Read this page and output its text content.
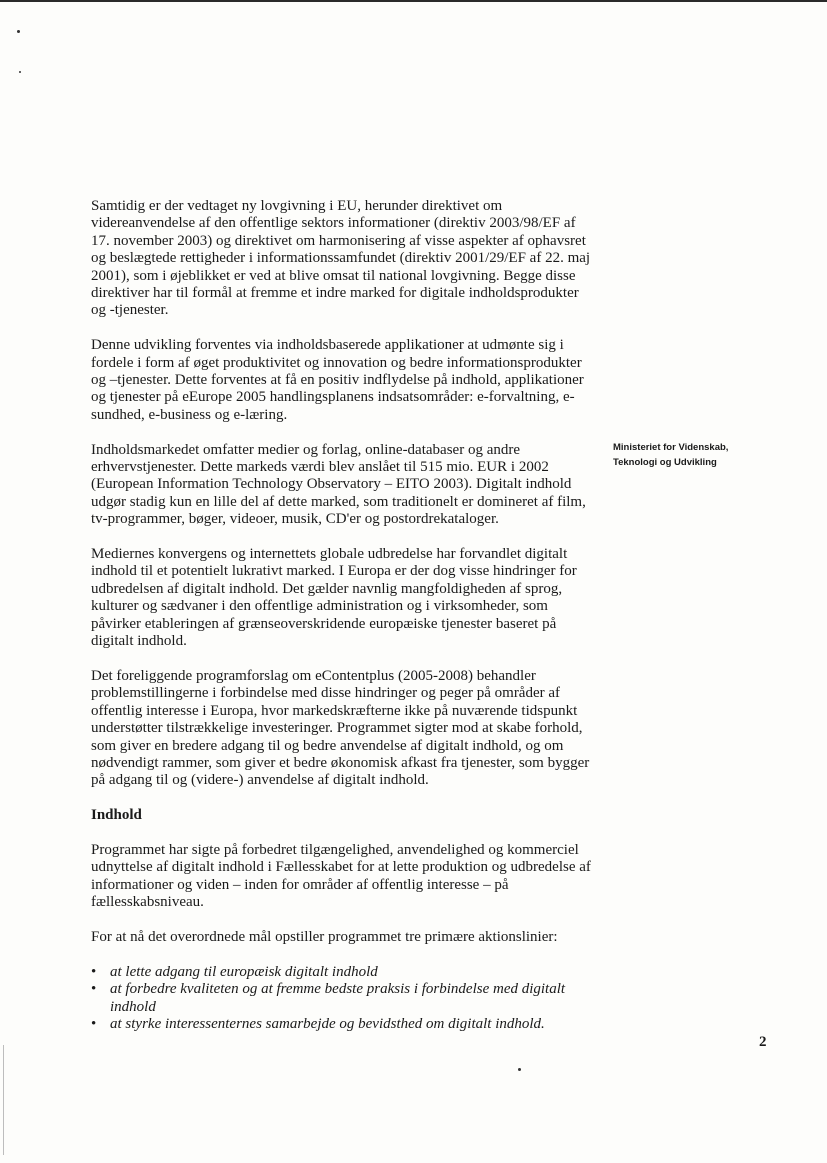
Samtidig er der vedtaget ny lovgivning i EU, herunder direktivet om videreanvendelse af den offentlige sektors informationer (direktiv 2003/98/EF af 17. november 2003) og direktivet om harmonisering af visse aspekter af ophavsret og beslægtede rettigheder i informationssamfundet (direktiv 2001/29/EF af 22. maj 2001), som i øjeblikket er ved at blive omsat til national lovgivning. Begge disse direktiver har til formål at fremme et indre marked for digitale indholdsprodukter og -tjenester.

Denne udvikling forventes via indholdsbaserede applikationer at udmønte sig i fordele i form af øget produktivitet og innovation og bedre informationsprodukter og –tjenester. Dette forventes at få en positiv indflydelse på indhold, applikationer og tjenester på eEurope 2005 handlingsplanens indsatsområder: e-forvaltning, e-sundhed, e-business og e-læring.

Indholdsmarkedet omfatter medier og forlag, online-databaser og andre erhvervstjenester. Dette markeds værdi blev anslået til 515 mio. EUR i 2002 (European Information Technology Observatory – EITO 2003). Digitalt indhold udgør stadig kun en lille del af dette marked, som traditionelt er domineret af film, tv-programmer, bøger, videoer, musik, CD'er og postordrekataloger.

Mediernes konvergens og internettets globale udbredelse har forvandlet digitalt indhold til et potentielt lukrativt marked. I Europa er der dog visse hindringer for udbredelsen af digitalt indhold. Det gælder navnlig mangfoldigheden af sprog, kulturer og sædvaner i den offentlige administration og i virksomheder, som påvirker etableringen af grænseoverskridende europæiske tjenester baseret på digitalt indhold.

Det foreliggende programforslag om eContentplus (2005-2008) behandler problemstillingerne i forbindelse med disse hindringer og peger på områder af offentlig interesse i Europa, hvor markedskræfterne ikke på nuværende tidspunkt understøtter tilstrækkelige investeringer. Programmet sigter mod at skabe forhold, som giver en bredere adgang til og bedre anvendelse af digitalt indhold, og om nødvendigt rammer, som giver et bedre økonomisk afkast fra tjenester, som bygger på adgang til og (videre-) anvendelse af digitalt indhold.

Indhold

Programmet har sigte på forbedret tilgængelighed, anvendelighed og kommerciel udnyttelse af digitalt indhold i Fællesskabet for at lette produktion og udbredelse af informationer og viden – inden for områder af offentlig interesse – på fællesskabsniveau.

For at nå det overordnede mål opstiller programmet tre primære aktionslinier:

• at lette adgang til europæisk digitalt indhold
• at forbedre kvaliteten og at fremme bedste praksis i forbindelse med digitalt indhold
• at styrke interessenternes samarbejde og bevidsthed om digitalt indhold.
Ministeriet for Videnskab,
Teknologi og Udvikling
2
